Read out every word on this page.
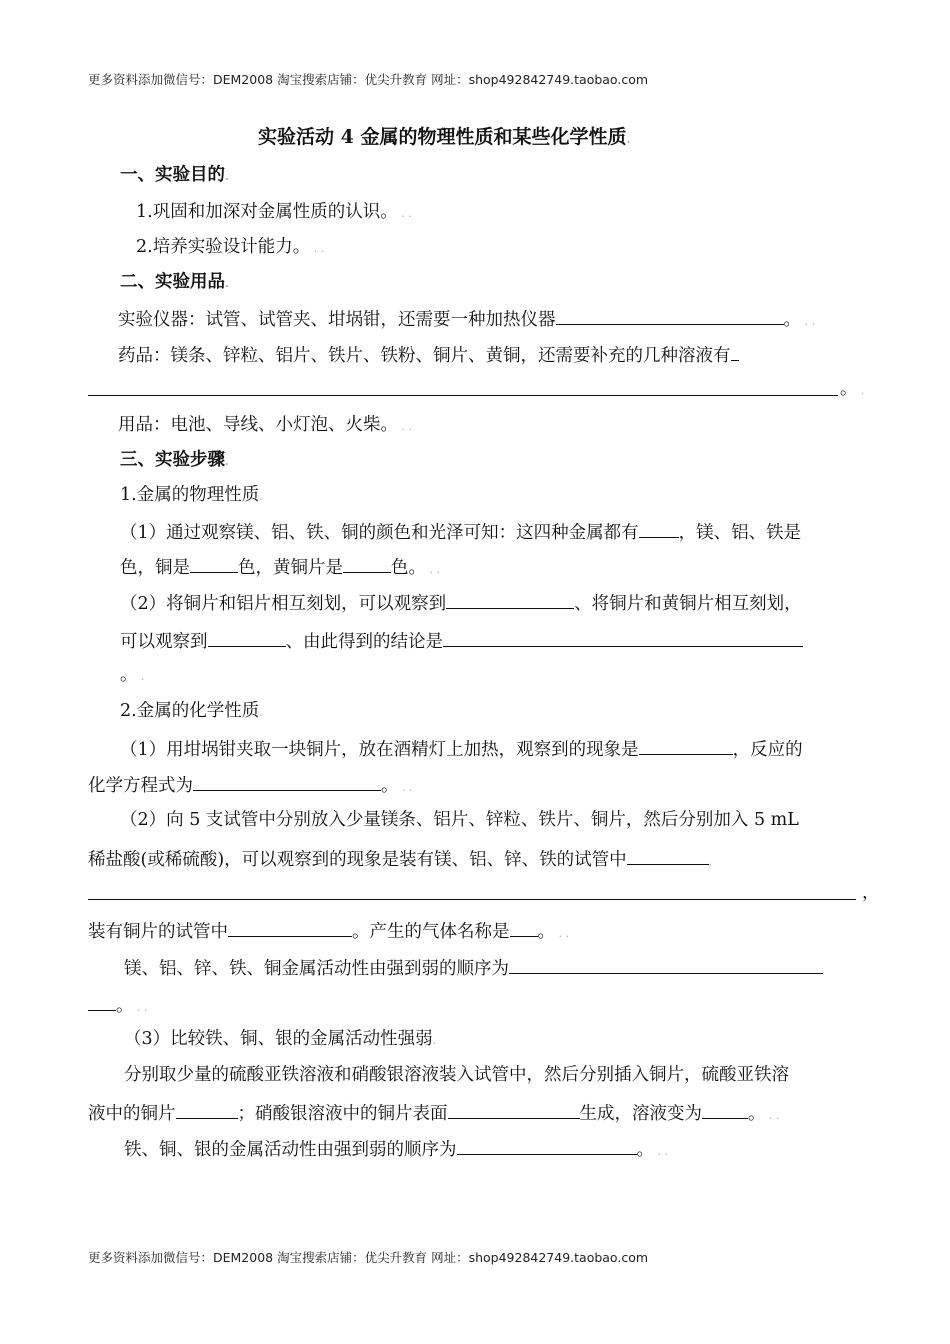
更多资料添加微信号：DEM2008 淘宝搜索店铺：优尖升教育 网址：shop492842749.taobao.com
实验活动 4 金属的物理性质和某些化学性质.
一、实验目的.
1.巩固和加深对金属性质的认识。 . .
2.培养实验设计能力。 . .
二、实验用品.
实验仪器：试管、试管夹、坩埚钳，还需要一种加热仪器	。 . .
药品：镁条、锌粒、铝片、铁片、铁粉、铜片、黄铜，还需要补充的几种溶液有
。 .
用品：电池、导线、小灯泡、火柴。 . .
三、实验步骤.
1.金属的物理性质.
（1）通过观察镁、铝、铁、铜的颜色和光泽可知：这四种金属都有 ，镁、铝、铁是
色，铜是	色，黄铜片是	色。 . .
（2）将铜片和铝片相互刻划，可以观察到	、将铜片和黄铜片相互刻划，
可以观察到	、由此得到的结论是
。 .
2.金属的化学性质.
（1）用坩埚钳夹取一块铜片，放在酒精灯上加热，观察到的现象是	，反应的
化学方程式为	。 . .
（2）向 5 支试管中分别放入少量镁条、铝片、锌粒、铁片、铜片，然后分别加入 5 mL
稀盐酸(或稀硫酸)，可以观察到的现象是装有镁、铝、锌、铁的试管中	.
，
装有铜片的试管中	。产生的气体名称是 。 . .
镁、铝、锌、铁、铜金属活动性由强到弱的顺序为
。 . .
（3）比较铁、铜、银的金属活动性强弱.
分别取少量的硫酸亚铁溶液和硝酸银溶液装入试管中，然后分别插入铜片，硫酸亚铁溶
液中的铜片	；硝酸银溶液中的铜片表面	生成，溶液变为	。 . .
铁、铜、银的金属活动性由强到弱的顺序为	。 . .
更多资料添加微信号：DEM2008 淘宝搜索店铺：优尖升教育 网址：shop492842749.taobao.com
